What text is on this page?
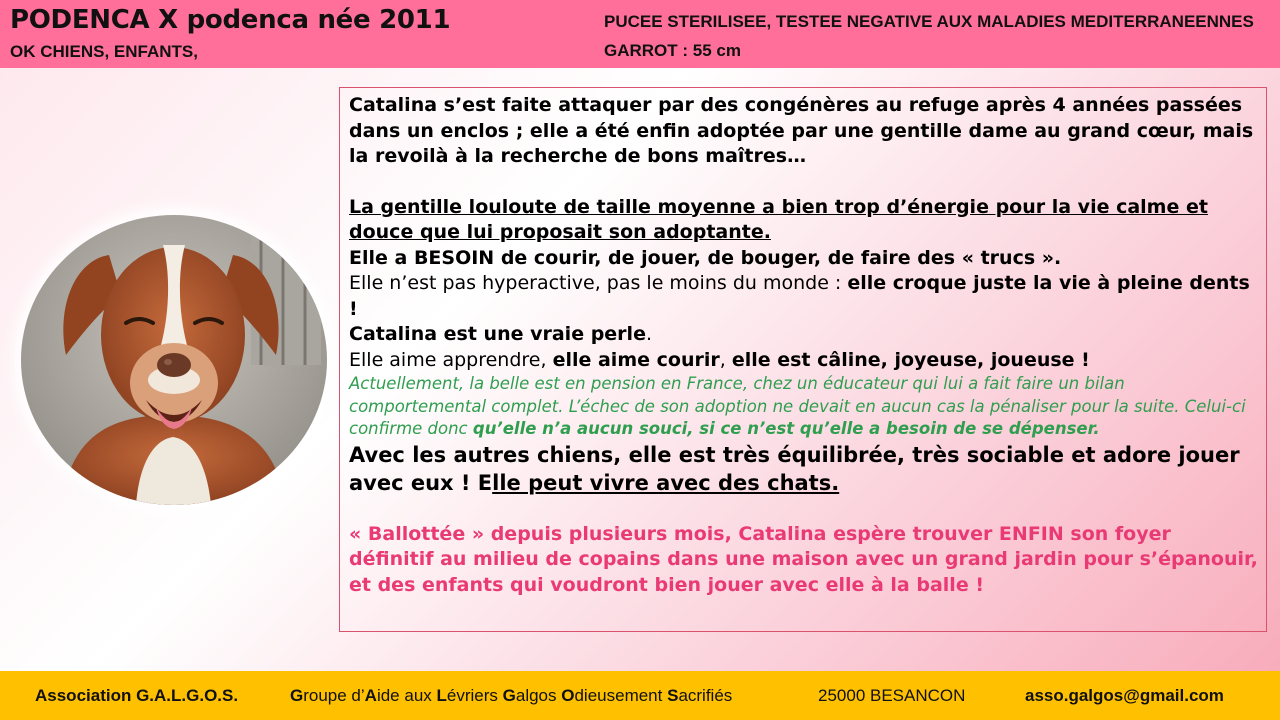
PODENCA X podenca née 2011
OK CHIENS, ENFANTS,
PUCEE STERILISEE, TESTEE NEGATIVE AUX MALADIES MEDITERRANEENNES
GARROT : 55 cm

Catalina s’est faite attaquer par des congénères au refuge après 4 années passées dans un enclos ; elle a été enfin adoptée par une gentille dame au grand cœur, mais la revoilà à la recherche de bons maîtres…

La gentille louloute de taille moyenne a bien trop d’énergie pour la vie calme et douce que lui proposait son adoptante.

Elle a BESOIN de courir, de jouer, de bouger, de faire des « trucs ».

Elle n’est pas hyperactive, pas le moins du monde : elle croque juste la vie à pleine dents !

Catalina est une vraie perle.

Elle aime apprendre, elle aime courir, elle est câline, joyeuse, joueuse !

Actuellement, la belle est en pension en France, chez un éducateur qui lui a fait faire un bilan comportemental complet. L’échec de son adoption ne devait en aucun cas la pénaliser pour la suite. Celui-ci confirme donc qu’elle n’a aucun souci, si ce n’est qu’elle a besoin de se dépenser.

Avec les autres chiens, elle est très équilibrée, très sociable et adore jouer avec eux ! Elle peut vivre avec des chats.

« Ballottée » depuis plusieurs mois, Catalina espère trouver ENFIN son foyer définitif au milieu de copains dans une maison avec un grand jardin pour s’épanouir, et des enfants qui voudront bien jouer avec elle à la balle !

Association G.A.L.G.O.S.	Groupe d’Aide aux Lévriers Galgos Odieusement Sacrifiés	25000 BESANCON	asso.galgos@gmail.com
